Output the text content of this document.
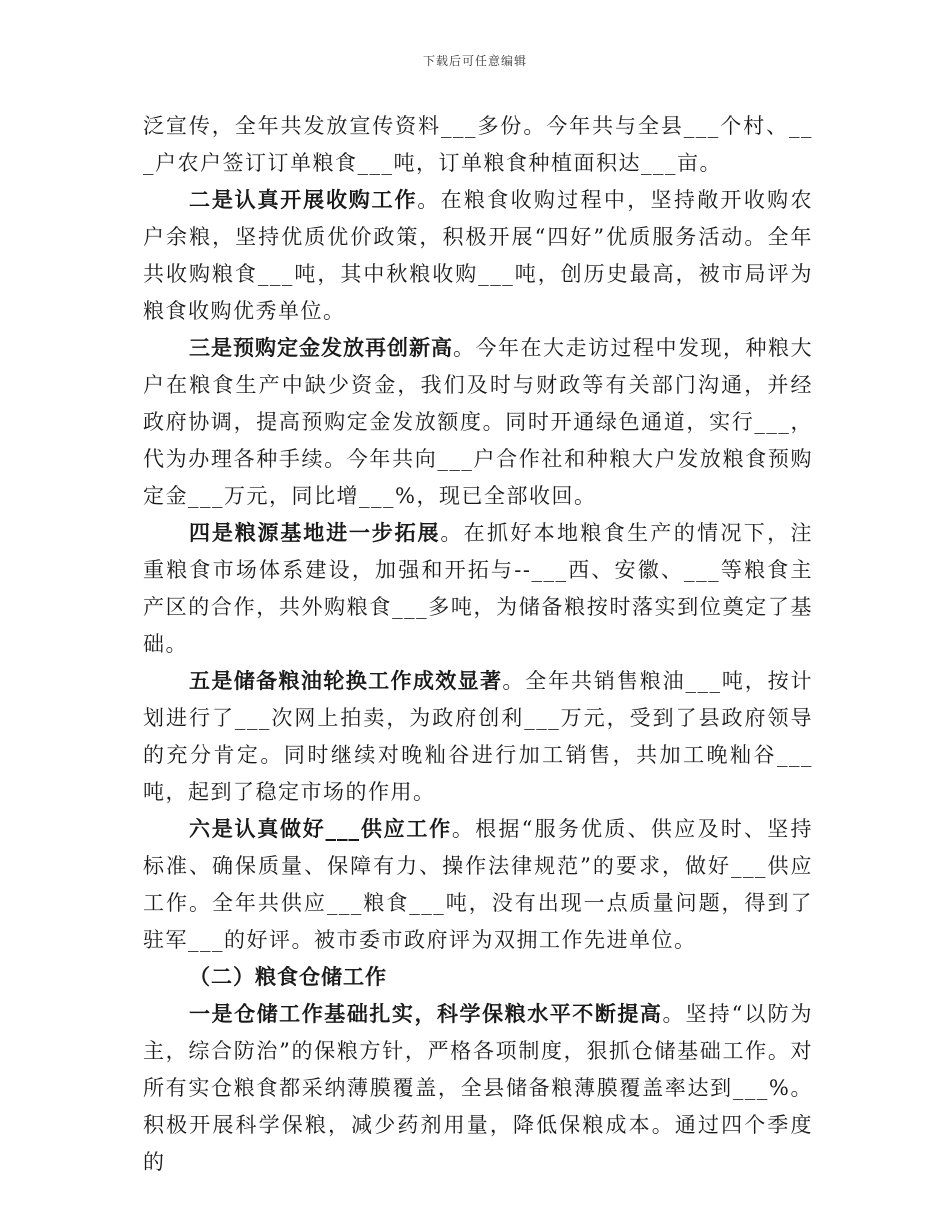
下载后可任意编辑

泛宣传，全年共发放宣传资料___多份。今年共与全县___个村、___户农户签订订单粮食___吨，订单粮食种植面积达___亩。

二是认真开展收购工作。在粮食收购过程中，坚持敞开收购农户余粮，坚持优质优价政策，积极开展“四好”优质服务活动。全年共收购粮食___吨，其中秋粮收购___吨，创历史最高，被市局评为粮食收购优秀单位。

三是预购定金发放再创新高。今年在大走访过程中发现，种粮大户在粮食生产中缺少资金，我们及时与财政等有关部门沟通，并经政府协调，提高预购定金发放额度。同时开通绿色通道，实行___，代为办理各种手续。今年共向___户合作社和种粮大户发放粮食预购定金___万元，同比增___%，现已全部收回。

四是粮源基地进一步拓展。在抓好本地粮食生产的情况下，注重粮食市场体系建设，加强和开拓与--___西、安徽、___等粮食主产区的合作，共外购粮食___多吨，为储备粮按时落实到位奠定了基础。

五是储备粮油轮换工作成效显著。全年共销售粮油___吨，按计划进行了___次网上拍卖，为政府创利___万元，受到了县政府领导的充分肯定。同时继续对晚籼谷进行加工销售，共加工晚籼谷___吨，起到了稳定市场的作用。

六是认真做好___供应工作。根据“服务优质、供应及时、坚持标准、确保质量、保障有力、操作法律规范”的要求，做好___供应工作。全年共供应___粮食___吨，没有出现一点质量问题，得到了驻军___的好评。被市委市政府评为双拥工作先进单位。

（二）粮食仓储工作

一是仓储工作基础扎实，科学保粮水平不断提高。坚持“以防为主，综合防治”的保粮方针，严格各项制度，狠抓仓储基础工作。对所有实仓粮食都采纳薄膜覆盖，全县储备粮薄膜覆盖率达到___%。积极开展科学保粮，减少药剂用量，降低保粮成本。通过四个季度的
